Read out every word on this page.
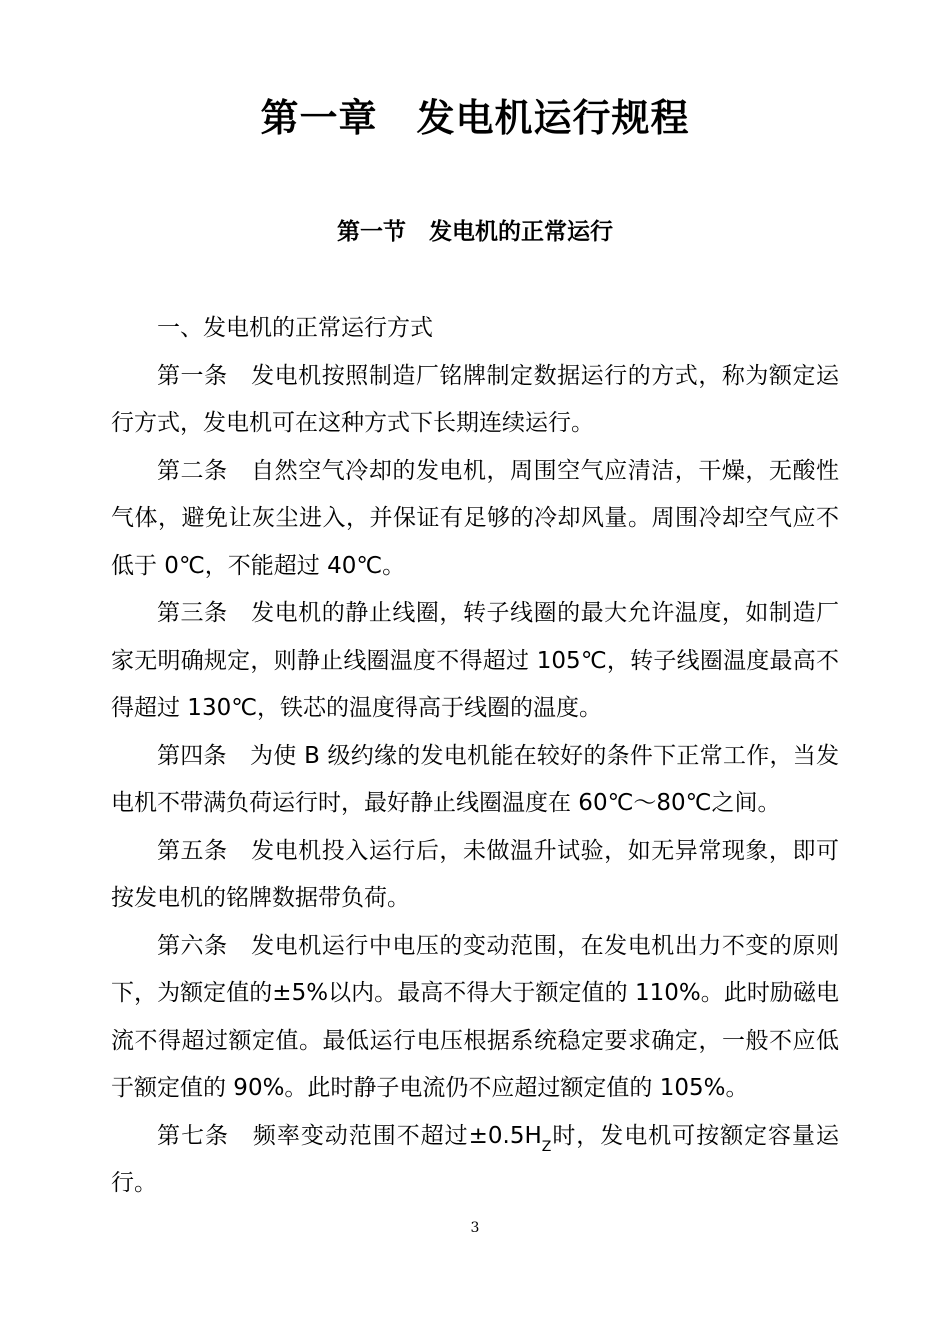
第一章　发电机运行规程
第一节　发电机的正常运行

一、发电机的正常运行方式

第一条　发电机按照制造厂铭牌制定数据运行的方式，称为额定运行方式，发电机可在这种方式下长期连续运行。

第二条　自然空气冷却的发电机，周围空气应清洁，干燥，无酸性气体，避免让灰尘进入，并保证有足够的冷却风量。周围冷却空气应不低于 0℃，不能超过 40℃。

第三条　发电机的静止线圈，转子线圈的最大允许温度，如制造厂家无明确规定，则静止线圈温度不得超过 105℃，转子线圈温度最高不得超过 130℃，铁芯的温度得高于线圈的温度。

第四条　为使 B 级约缘的发电机能在较好的条件下正常工作，当发电机不带满负荷运行时，最好静止线圈温度在 60℃～80℃之间。

第五条　发电机投入运行后，未做温升试验，如无异常现象，即可按发电机的铭牌数据带负荷。

第六条　发电机运行中电压的变动范围，在发电机出力不变的原则下，为额定值的±5%以内。最高不得大于额定值的 110%。此时励磁电流不得超过额定值。最低运行电压根据系统稳定要求确定，一般不应低于额定值的 90%。此时静子电流仍不应超过额定值的 105%。

第七条　频率变动范围不超过$\pm 0.5H_Z$时，发电机可按额定容量运行。

3
